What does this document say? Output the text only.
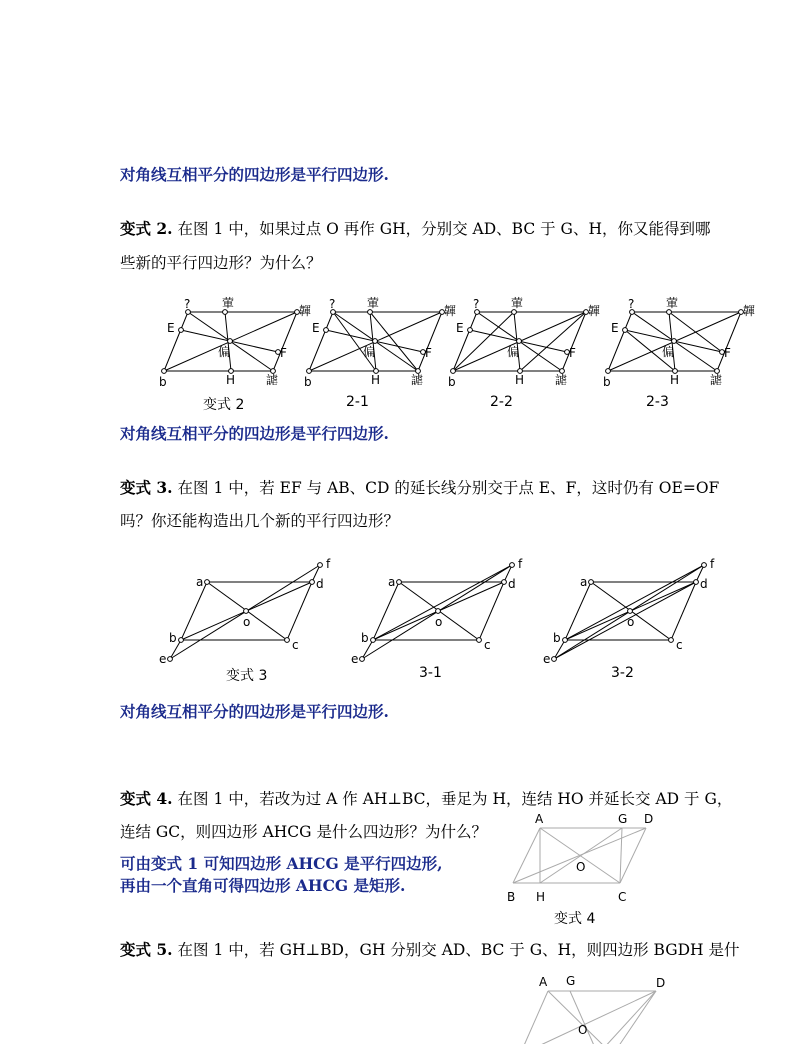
对角线互相平分的四边形是平行四边形.
变式 2. 在图 1 中，如果过点 O 再作 GH，分别交 AD、BC 于 G、H，你又能得到哪
些新的平行四边形？为什么？
?	葷
韗
E
偏	F
b	H	謔
?	葷
韗
E
偏	F
b	H	謔
?	葷
韗
E
偏	F
b	H	謔
?	葷
韗
E
偏	F
b	H	謔
变式 2	2-1	2-2	2-3
对角线互相平分的四边形是平行四边形.
变式 3. 在图 1 中，若 EF 与 AB、CD 的延长线分别交于点 E、F，这时仍有 OE=OF
吗？你还能构造出几个新的平行四边形？
a	d
f
o
b	c
e
a	d
f
o
b	c
e
a	d
f
o
b	c
e
变式 3	3-1	3-2
对角线互相平分的四边形是平行四边形.
变式 4. 在图 1 中，若改为过 A 作 AH⊥BC，垂足为 H，连结 HO 并延长交 AD 于 G，
连结 GC，则四边形 AHCG 是什么四边形？为什么？
可由变式 1 可知四边形 AHCG 是平行四边形,
再由一个直角可得四边形 AHCG 是矩形.
A	G D
O
B H	C
变式 4
变式 5. 在图 1 中，若 GH⊥BD，GH 分别交 AD、BC 于 G、H，则四边形 BGDH 是什
A G	D
O
